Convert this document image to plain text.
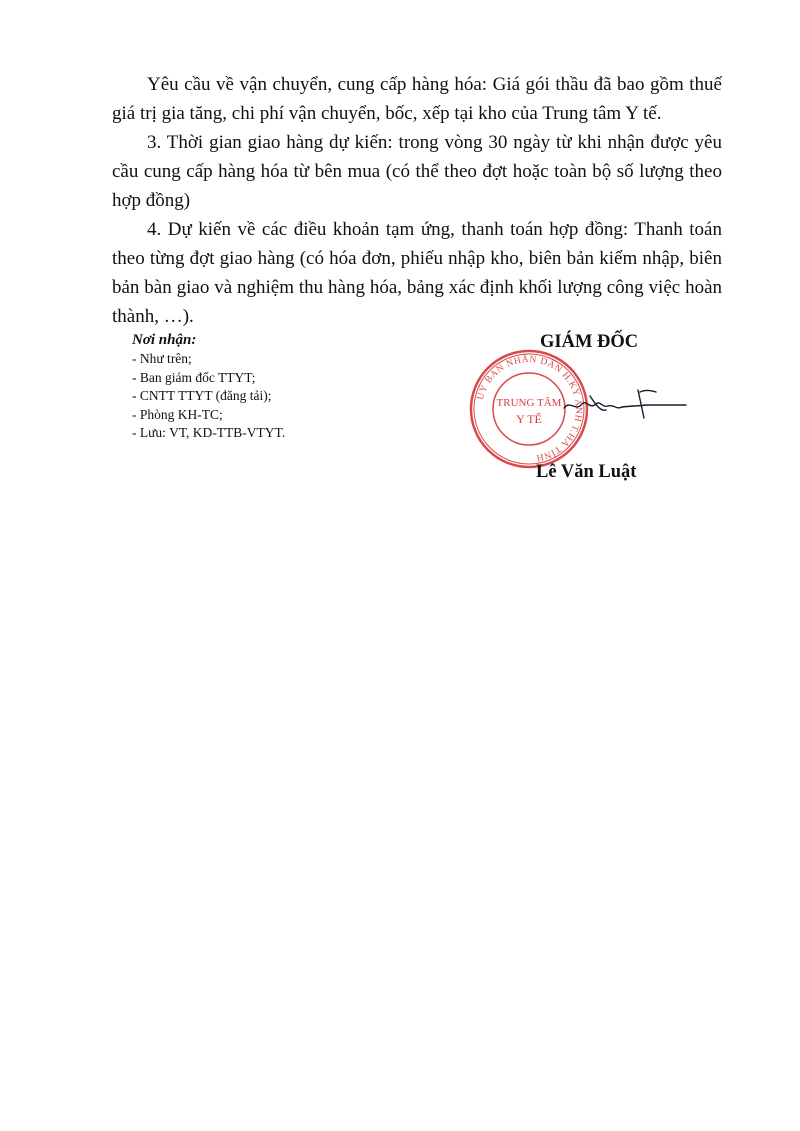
Yêu cầu về vận chuyển, cung cấp hàng hóa: Giá gói thầu đã bao gồm thuế giá trị gia tăng, chi phí vận chuyển, bốc, xếp tại kho của Trung tâm Y tế.

3. Thời gian giao hàng dự kiến: trong vòng 30 ngày từ khi nhận được yêu cầu cung cấp hàng hóa từ bên mua (có thể theo đợt hoặc toàn bộ số lượng theo hợp đồng)

4. Dự kiến về các điều khoản tạm ứng, thanh toán hợp đồng: Thanh toán theo từng đợt giao hàng (có hóa đơn, phiếu nhập kho, biên bản kiểm nhập, biên bản bàn giao và nghiệm thu hàng hóa, bảng xác định khối lượng công việc hoàn thành, …).

Nơi nhận:
- Như trên;
- Ban giám đốc TTYT;
- CNTT TTYT (đăng tải);
- Phòng KH-TC;
- Lưu: VT, KD-TTB-VTYT.
GIÁM ĐỐC
UỶ BAN NHÂN DÂN H.KỲ ANH T.HÀ TĨNH
TRUNG TÂM
Y TẾ
Lê Văn Luật
